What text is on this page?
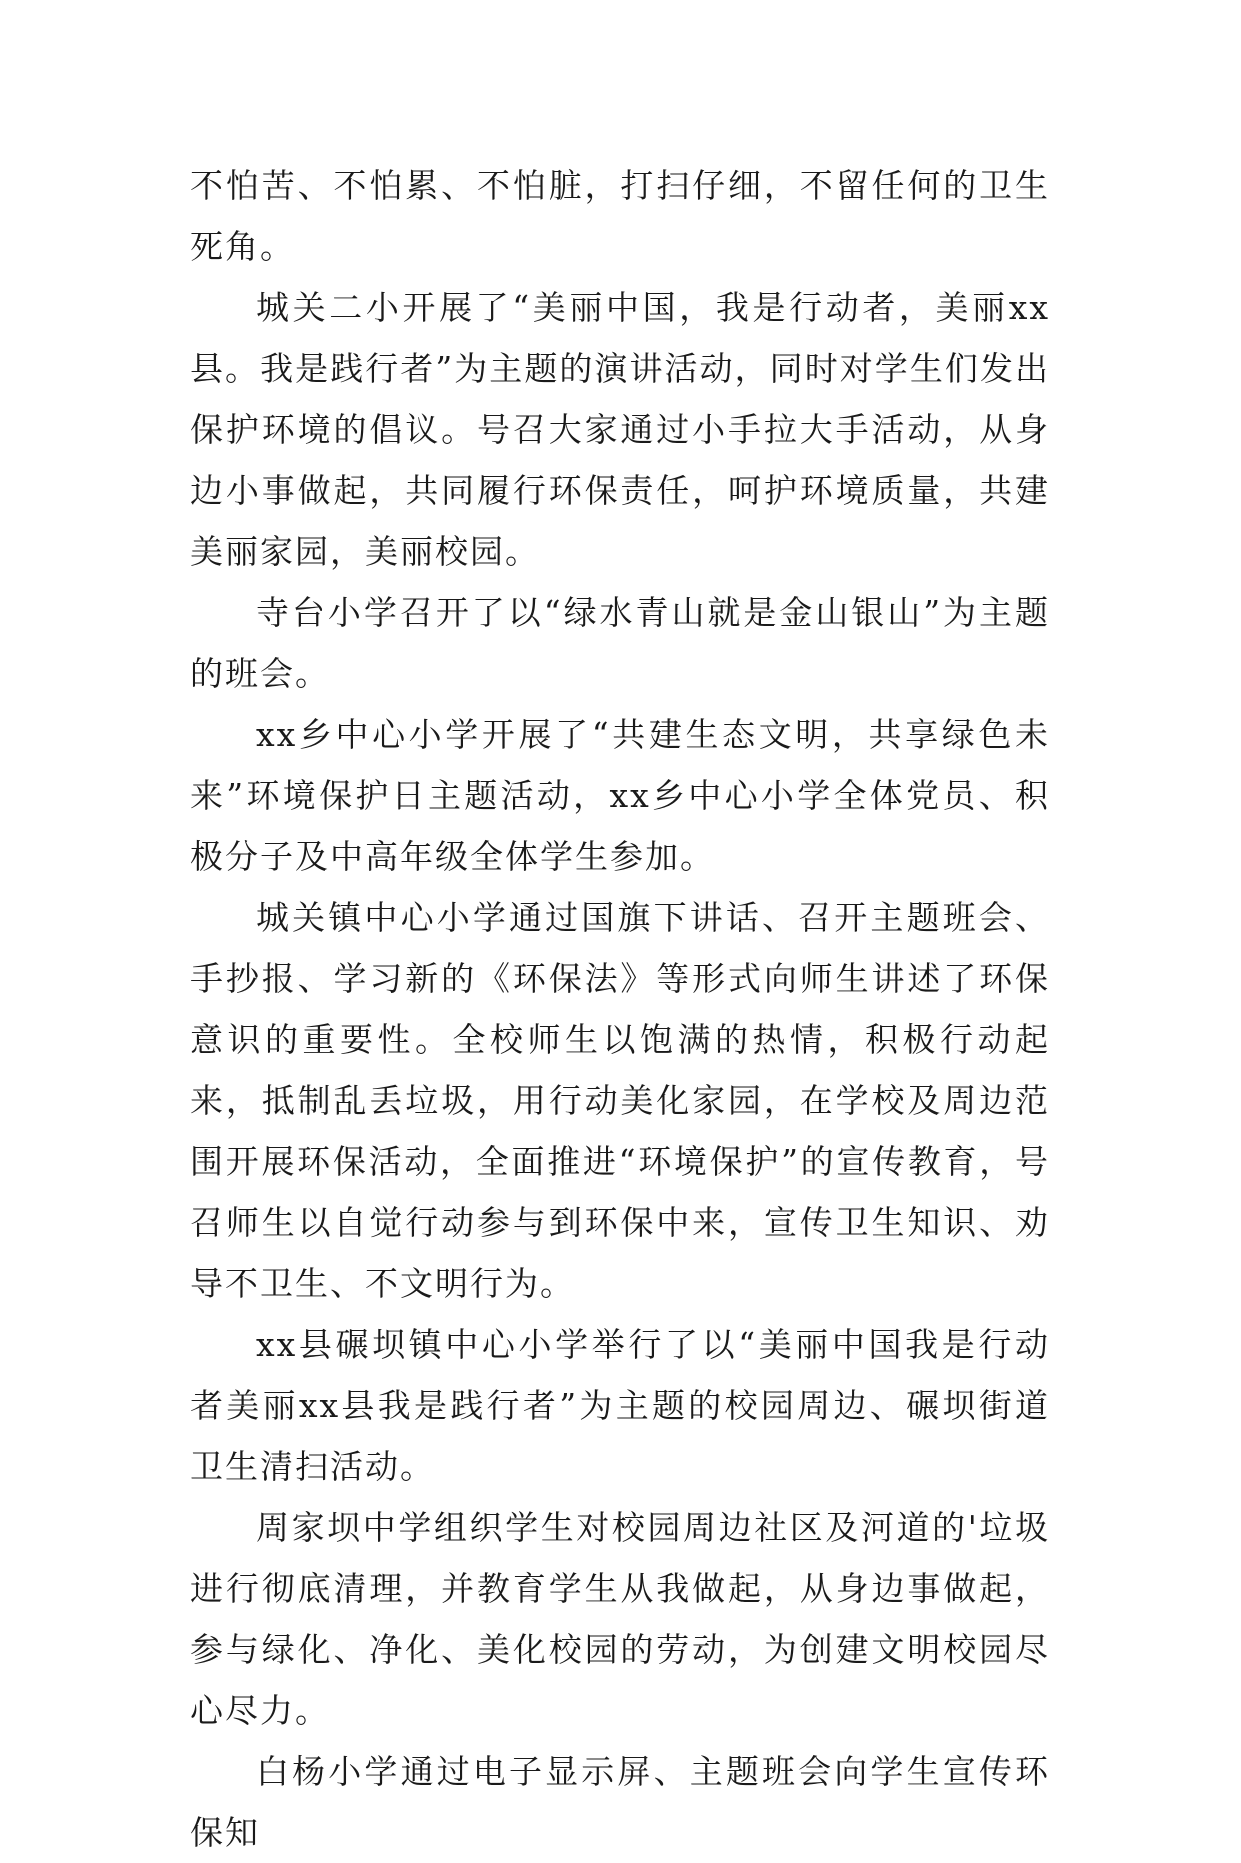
不怕苦、不怕累、不怕脏，打扫仔细，不留任何的卫生死角。

城关二小开展了“美丽中国，我是行动者，美丽xx县。我是践行者”为主题的演讲活动，同时对学生们发出保护环境的倡议。号召大家通过小手拉大手活动，从身边小事做起，共同履行环保责任，呵护环境质量，共建美丽家园，美丽校园。

寺台小学召开了以“绿水青山就是金山银山”为主题的班会。

xx乡中心小学开展了“共建生态文明，共享绿色未来”环境保护日主题活动，xx乡中心小学全体党员、积极分子及中高年级全体学生参加。

城关镇中心小学通过国旗下讲话、召开主题班会、手抄报、学习新的《环保法》等形式向师生讲述了环保意识的重要性。全校师生以饱满的热情，积极行动起来，抵制乱丢垃圾，用行动美化家园，在学校及周边范围开展环保活动，全面推进“环境保护”的宣传教育，号召师生以自觉行动参与到环保中来，宣传卫生知识、劝导不卫生、不文明行为。

xx县碾坝镇中心小学举行了以“美丽中国我是行动者美丽xx县我是践行者”为主题的校园周边、碾坝街道卫生清扫活动。

周家坝中学组织学生对校园周边社区及河道的'垃圾进行彻底清理，并教育学生从我做起，从身边事做起，参与绿化、净化、美化校园的劳动，为创建文明校园尽心尽力。

白杨小学通过电子显示屏、主题班会向学生宣传环保知
